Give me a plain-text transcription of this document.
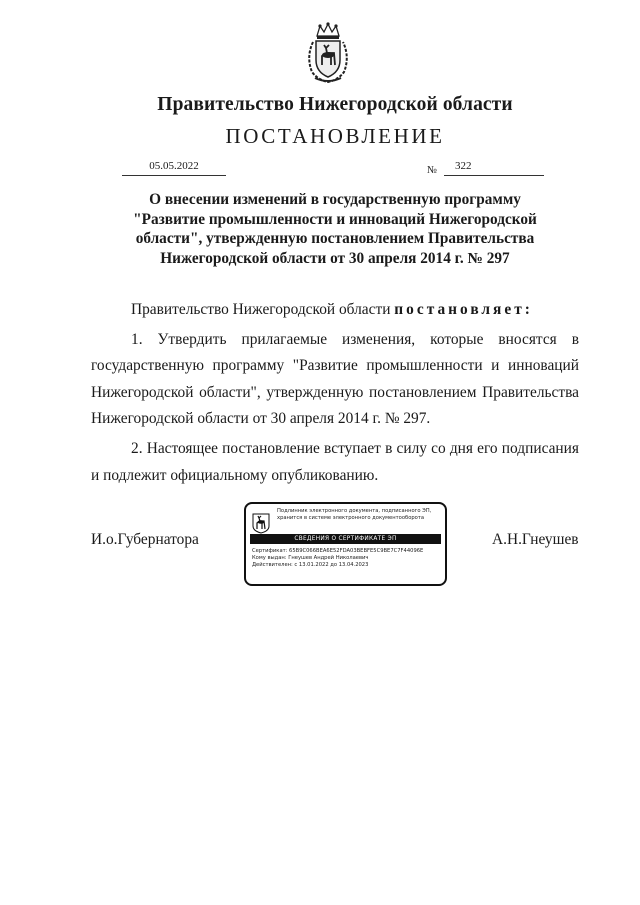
Правительство Нижегородской области
ПОСТАНОВЛЕНИЕ
05.05.2022	№	322
О внесении изменений в государственную программу
"Развитие промышленности и инноваций Нижегородской
области", утвержденную постановлением Правительства
Нижегородской области от 30 апреля 2014 г. № 297

Правительство Нижегородской области постановляет:

1. Утвердить прилагаемые изменения, которые вносятся в государственную программу "Развитие промышленности и инноваций Нижегородской области", утвержденную постановлением Правительства Нижегородской области от 30 апреля 2014 г. № 297.

2. Настоящее постановление вступает в силу со дня его подписания и подлежит официальному опубликованию.

И.о.Губернатора	А.Н.Гнеушев
Подлинник электронного документа, подписанного ЭП,
хранится в системе электронного документооборота
СВЕДЕНИЯ О СЕРТИФИКАТЕ ЭП
Сертификат: 65B9C066BEA6E52FDA03BEBFE5C9BE7C7F44096E
Кому выдан: Гнеушев Андрей Николаевич
Действителен: с 13.01.2022 до 13.04.2023
